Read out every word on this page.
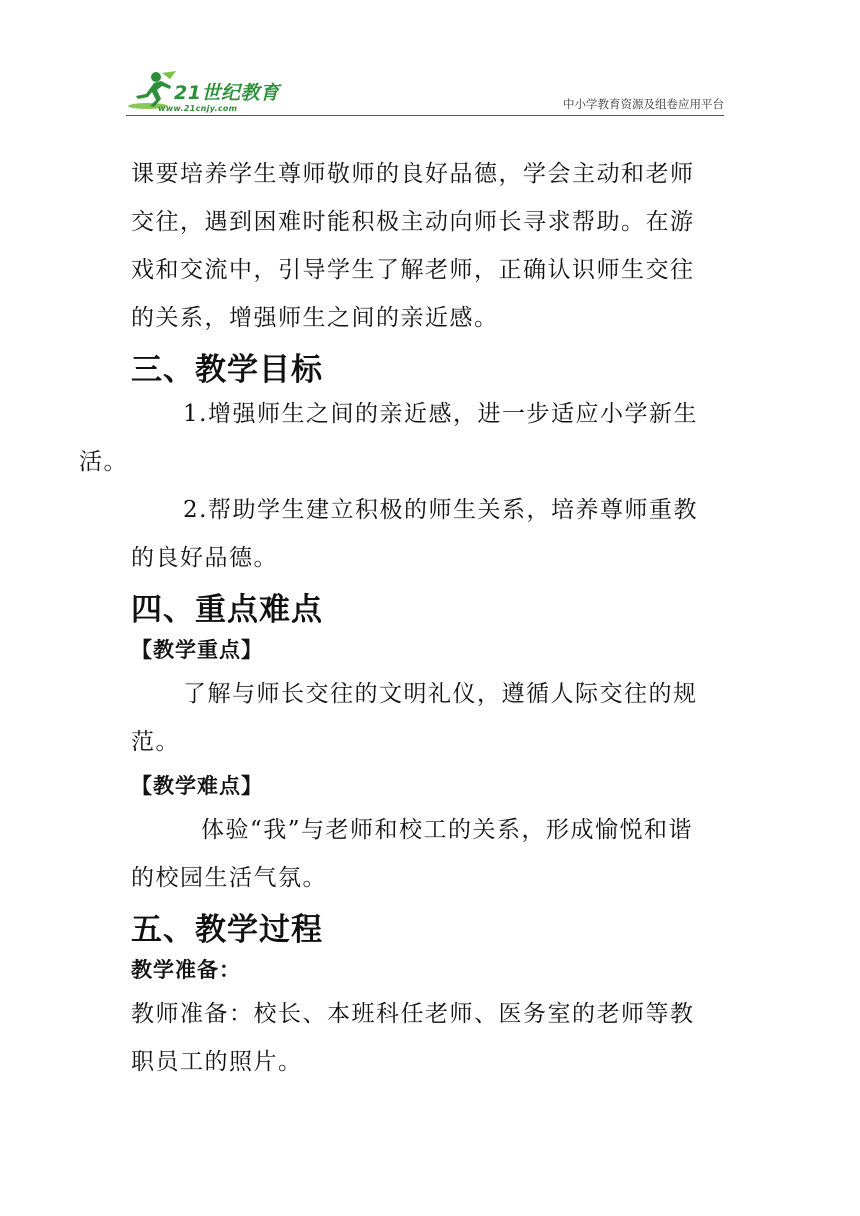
21世纪教育
www.21cnjy.com	中小学教育资源及组卷应用平台

课要培养学生尊师敬师的良好品德，学会主动和老师
交往，遇到困难时能积极主动向师长寻求帮助。在游
戏和交流中，引导学生了解老师，正确认识师生交往
的关系，增强师生之间的亲近感。

三、教学目标

1.增强师生之间的亲近感，进一步适应小学新生
活。

2.帮助学生建立积极的师生关系，培养尊师重教
的良好品德。

四、重点难点

【教学重点】

了解与师长交往的文明礼仪，遵循人际交往的规
范。

【教学难点】

体验“我”与老师和校工的关系，形成愉悦和谐
的校园生活气氛。

五、教学过程

教学准备：

教师准备：校长、本班科任老师、医务室的老师等教
职员工的照片。
